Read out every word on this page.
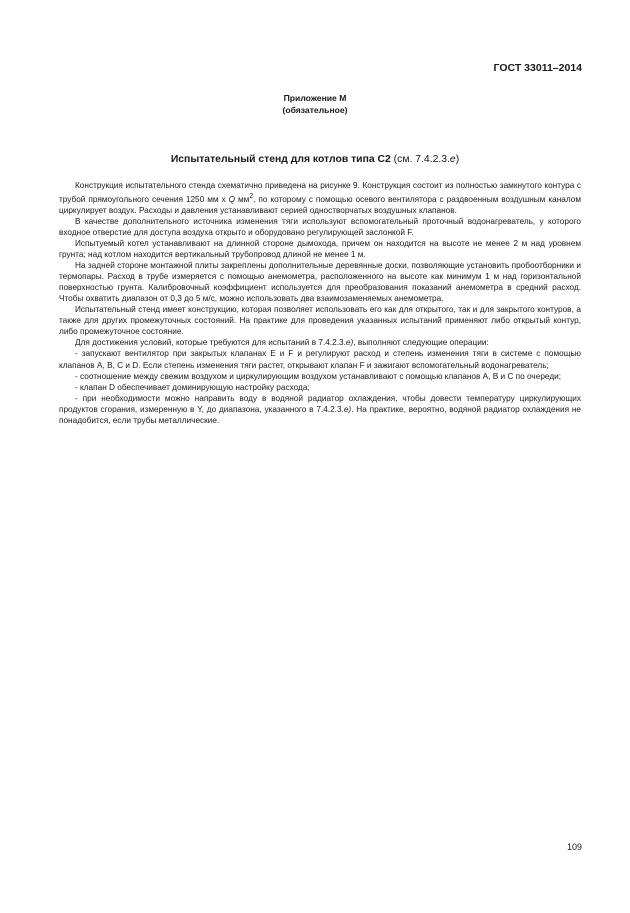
ГОСТ 33011–2014
Приложение М
(обязательное)
Испытательный стенд для котлов типа С2 (см. 7.4.2.3.е)

Конструкция испытательного стенда схематично приведена на рисунке 9. Конструкция состоит из полностью замкнутого контура с трубой прямоугольного сечения 1250 мм х Q $мм^2$, по которому с помощью осевого вентилятора с раздвоенным воздушным каналом циркулирует воздух. Расходы и давления устанавливают серией одностворчатых воздушных клапанов.

В качестве дополнительного источника изменения тяги используют вспомогательный проточный водонагреватель, у которого входное отверстие для доступа воздуха открыто и оборудовано регулирующей заслонкой F.

Испытуемый котел устанавливают на длинной стороне дымохода, причем он находится на высоте не менее 2 м над уровнем грунта; над котлом находится вертикальный трубопровод длиной не менее 1 м.

На задней стороне монтажной плиты закреплены дополнительные деревянные доски, позволяющие установить пробоотборники и термопары. Расход в трубе измеряется с помощью анемометра, расположенного на высоте как минимум 1 м над горизонтальной поверхностью грунта. Калибровочный коэффициент используется для преобразования показаний анемометра в средний расход. Чтобы охватить диапазон от 0,3 до 5 м/с, можно использовать два взаимозаменяемых анемометра.

Испытательный стенд имеет конструкцию, которая позволяет использовать его как для открытого, так и для закрытого контуров, а также для других промежуточных состояний. На практике для проведения указанных испытаний применяют либо открытый контур, либо промежуточное состояние.

Для достижения условий, которые требуются для испытаний в 7.4.2.3.е), выполняют следующие операции:

- запускают вентилятор при закрытых клапанах Е и F и регулируют расход и степень изменения тяги в системе с помощью клапанов А, В, С и D. Если степень изменения тяги растет, открывают клапан F и зажигают вспомогательный водонагреватель;

- соотношение между свежим воздухом и циркулирующим воздухом устанавливают с помощью клапанов А, В и С по очереди;

- клапан D обеспечивает доминирующую настройку расхода;

- при необходимости можно направить воду в водяной радиатор охлаждения, чтобы довести температуру циркулирующих продуктов сгорания, измеренную в Y, до диапазона, указанного в 7.4.2.3.е). На практике, вероятно, водяной радиатор охлаждения не понадобится, если трубы металлические.

109
